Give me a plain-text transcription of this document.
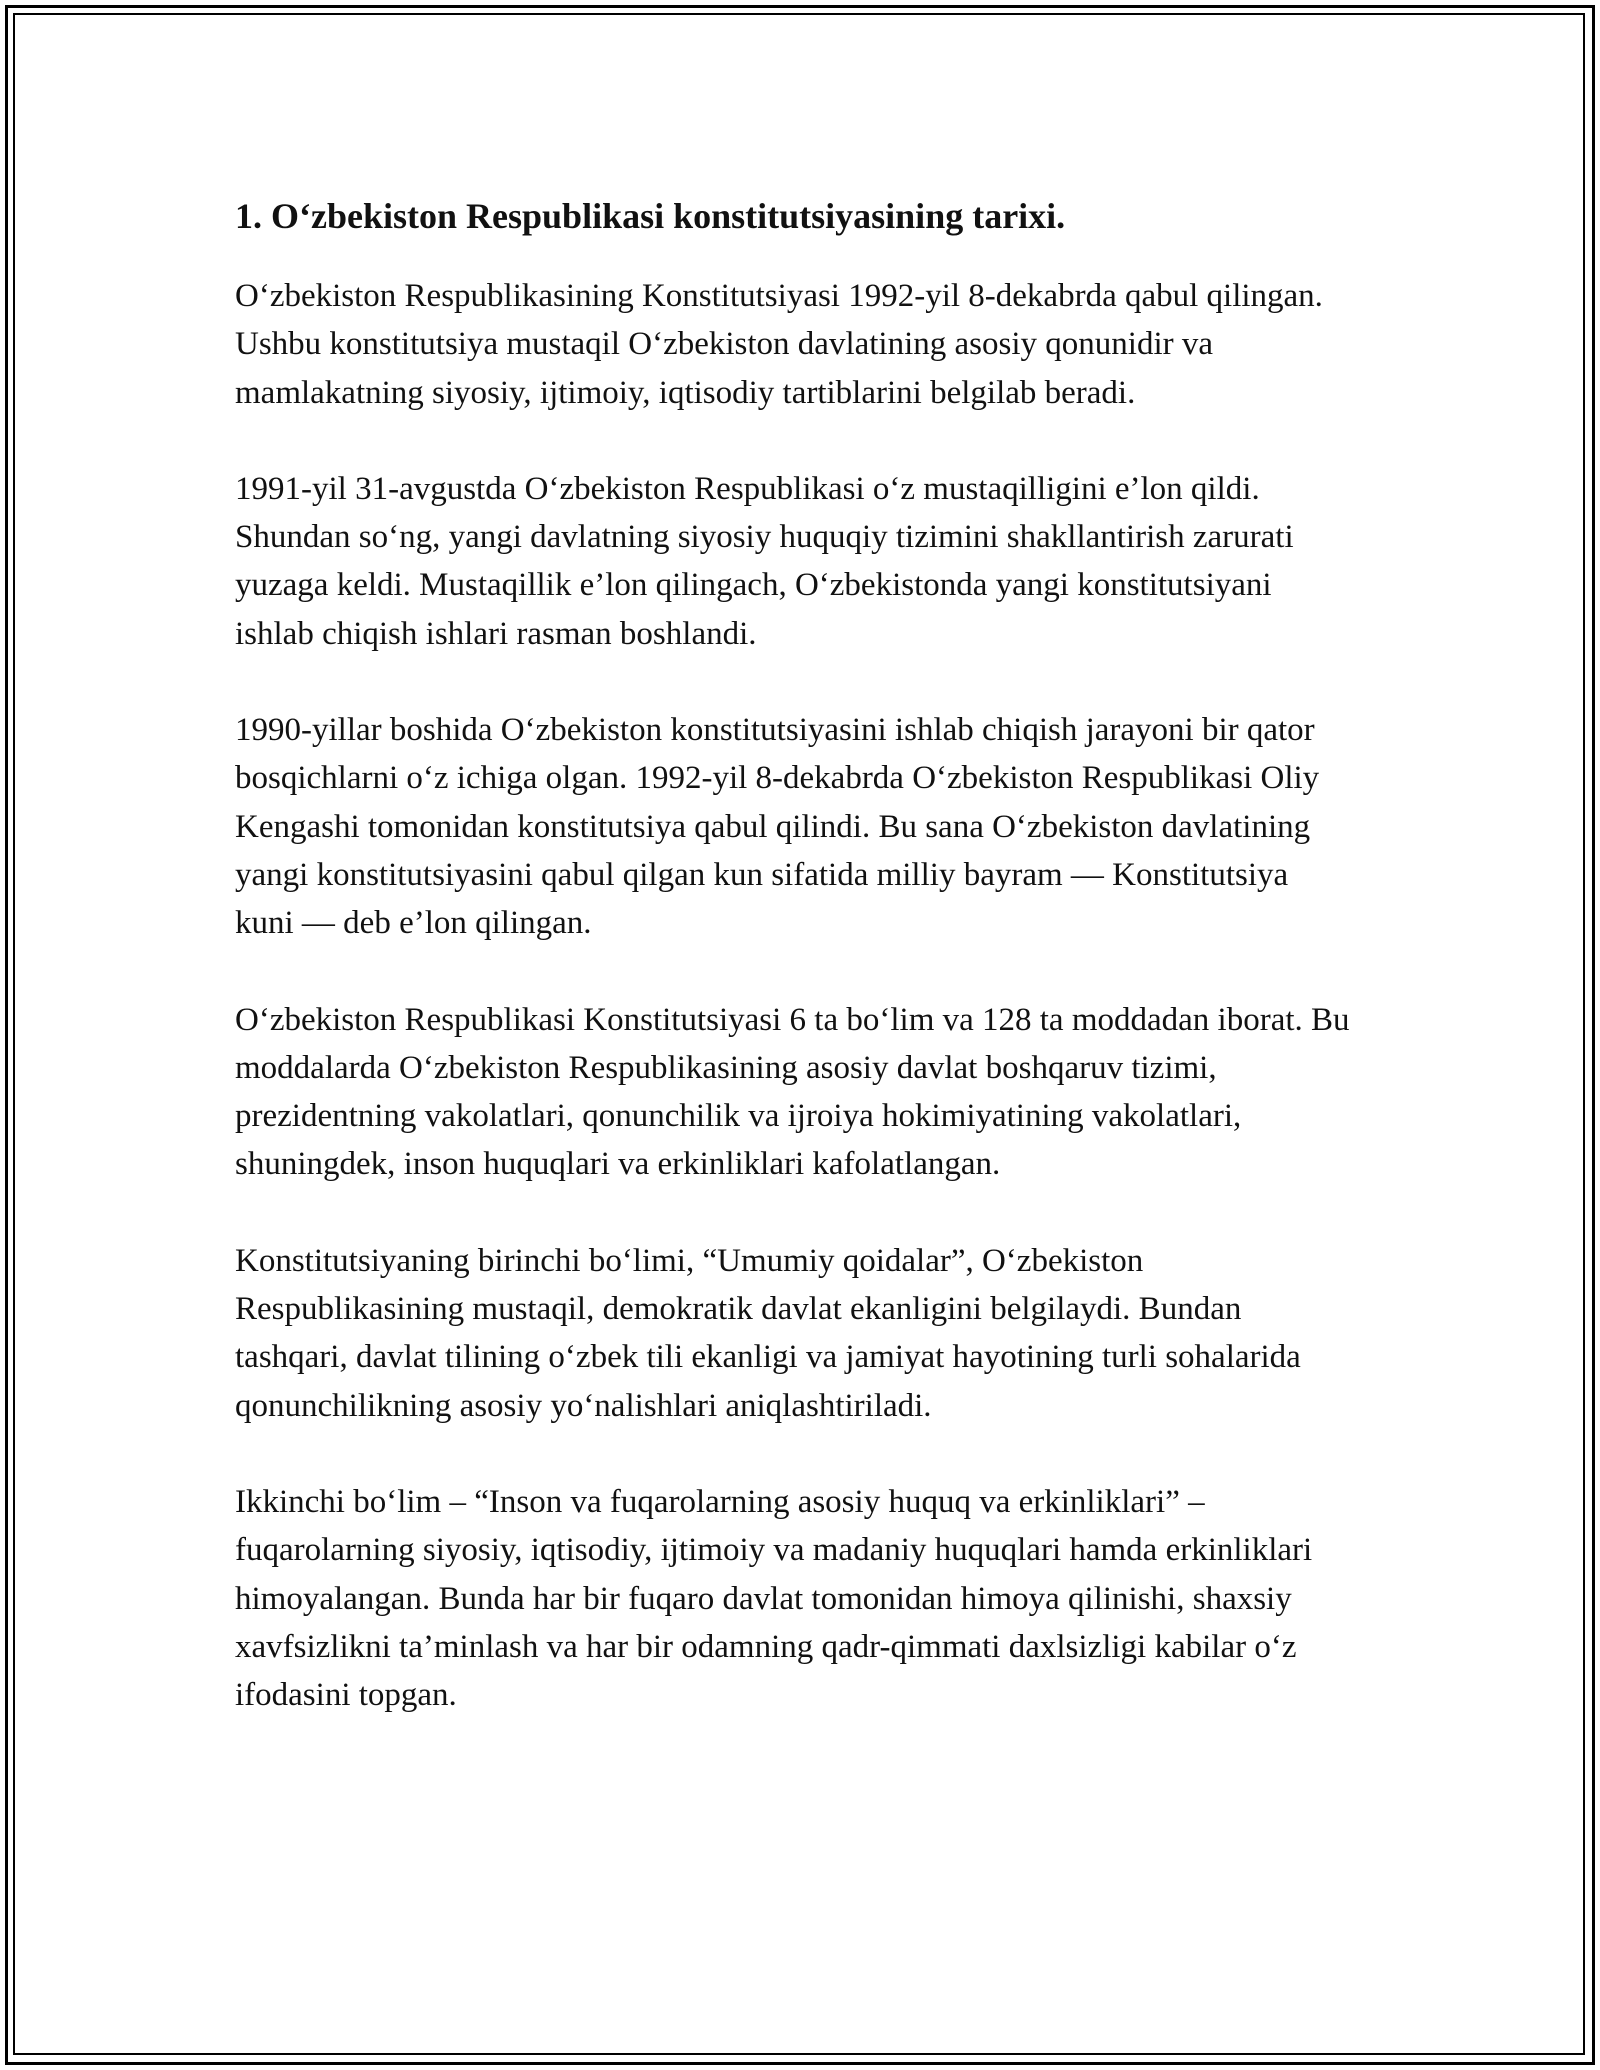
1. O‘zbekiston Respublikasi konstitutsiyasining tarixi.

O‘zbekiston Respublikasining Konstitutsiyasi 1992-yil 8-dekabrda qabul qilingan. Ushbu konstitutsiya mustaqil O‘zbekiston davlatining asosiy qonunidir va mamlakatning siyosiy, ijtimoiy, iqtisodiy tartiblarini belgilab beradi.

1991-yil 31-avgustda O‘zbekiston Respublikasi o‘z mustaqilligini e’lon qildi. Shundan so‘ng, yangi davlatning siyosiy huquqiy tizimini shakllantirish zarurati yuzaga keldi. Mustaqillik e’lon qilingach, O‘zbekistonda yangi konstitutsiyani ishlab chiqish ishlari rasman boshlandi.

1990-yillar boshida O‘zbekiston konstitutsiyasini ishlab chiqish jarayoni bir qator bosqichlarni o‘z ichiga olgan. 1992-yil 8-dekabrda O‘zbekiston Respublikasi Oliy Kengashi tomonidan konstitutsiya qabul qilindi. Bu sana O‘zbekiston davlatining yangi konstitutsiyasini qabul qilgan kun sifatida milliy bayram — Konstitutsiya kuni — deb e’lon qilingan.

O‘zbekiston Respublikasi Konstitutsiyasi 6 ta bo‘lim va 128 ta moddadan iborat. Bu moddalarda O‘zbekiston Respublikasining asosiy davlat boshqaruv tizimi, prezidentning vakolatlari, qonunchilik va ijroiya hokimiyatining vakolatlari, shuningdek, inson huquqlari va erkinliklari kafolatlangan.

Konstitutsiyaning birinchi bo‘limi, “Umumiy qoidalar”, O‘zbekiston Respublikasining mustaqil, demokratik davlat ekanligini belgilaydi. Bundan tashqari, davlat tilining o‘zbek tili ekanligi va jamiyat hayotining turli sohalarida qonunchilikning asosiy yo‘nalishlari aniqlashtiriladi.

Ikkinchi bo‘lim – “Inson va fuqarolarning asosiy huquq va erkinliklari” – fuqarolarning siyosiy, iqtisodiy, ijtimoiy va madaniy huquqlari hamda erkinliklari himoyalangan. Bunda har bir fuqaro davlat tomonidan himoya qilinishi, shaxsiy xavfsizlikni ta’minlash va har bir odamning qadr-qimmati daxlsizligi kabilar o‘z ifodasini topgan.
